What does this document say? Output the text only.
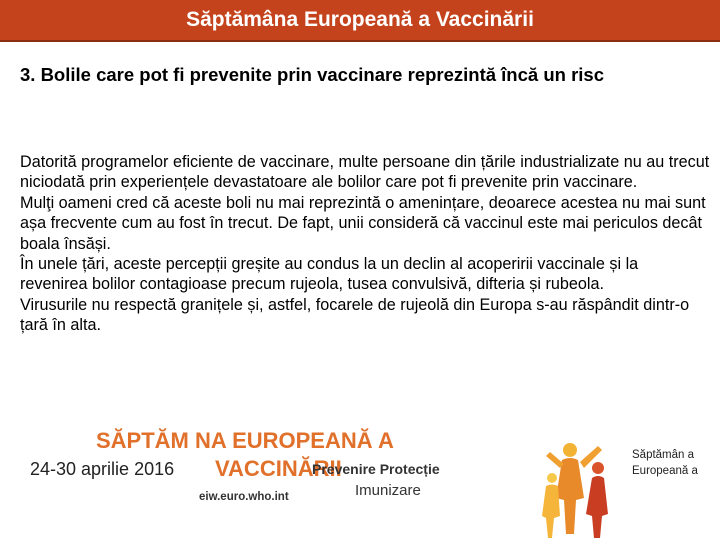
Săptămâna Europeană a Vaccinării
3. Bolile care pot fi prevenite prin vaccinare reprezintă încă un risc

Datorită programelor eficiente de vaccinare, multe persoane din țările industrializate nu au trecut niciodată prin experiențele devastatoare ale bolilor care pot fi prevenite prin vaccinare.

Mulţi oameni cred că aceste boli nu mai reprezintă o amenințare, deoarece acestea nu mai sunt așa frecvente cum au fost în trecut. De fapt, unii consideră că vaccinul este mai periculos decât boala însăși.

În unele țări, aceste percepții greșite au condus la un declin al acoperirii vaccinale și la revenirea bolilor contagioase precum rujeola, tusea convulsivă, difteria și rubeola.

Virusurile nu respectă granițele și, astfel, focarele de rujeolă din Europa s-au răspândit dintr-o țară în alta.

SĂPTĂM NA EUROPEANĂ A
24-30 aprilie 2016 VACCINĂRII
Prevenire Protecție
Imunizare
eiw.euro.who.int
Săptămân a Europeană a
